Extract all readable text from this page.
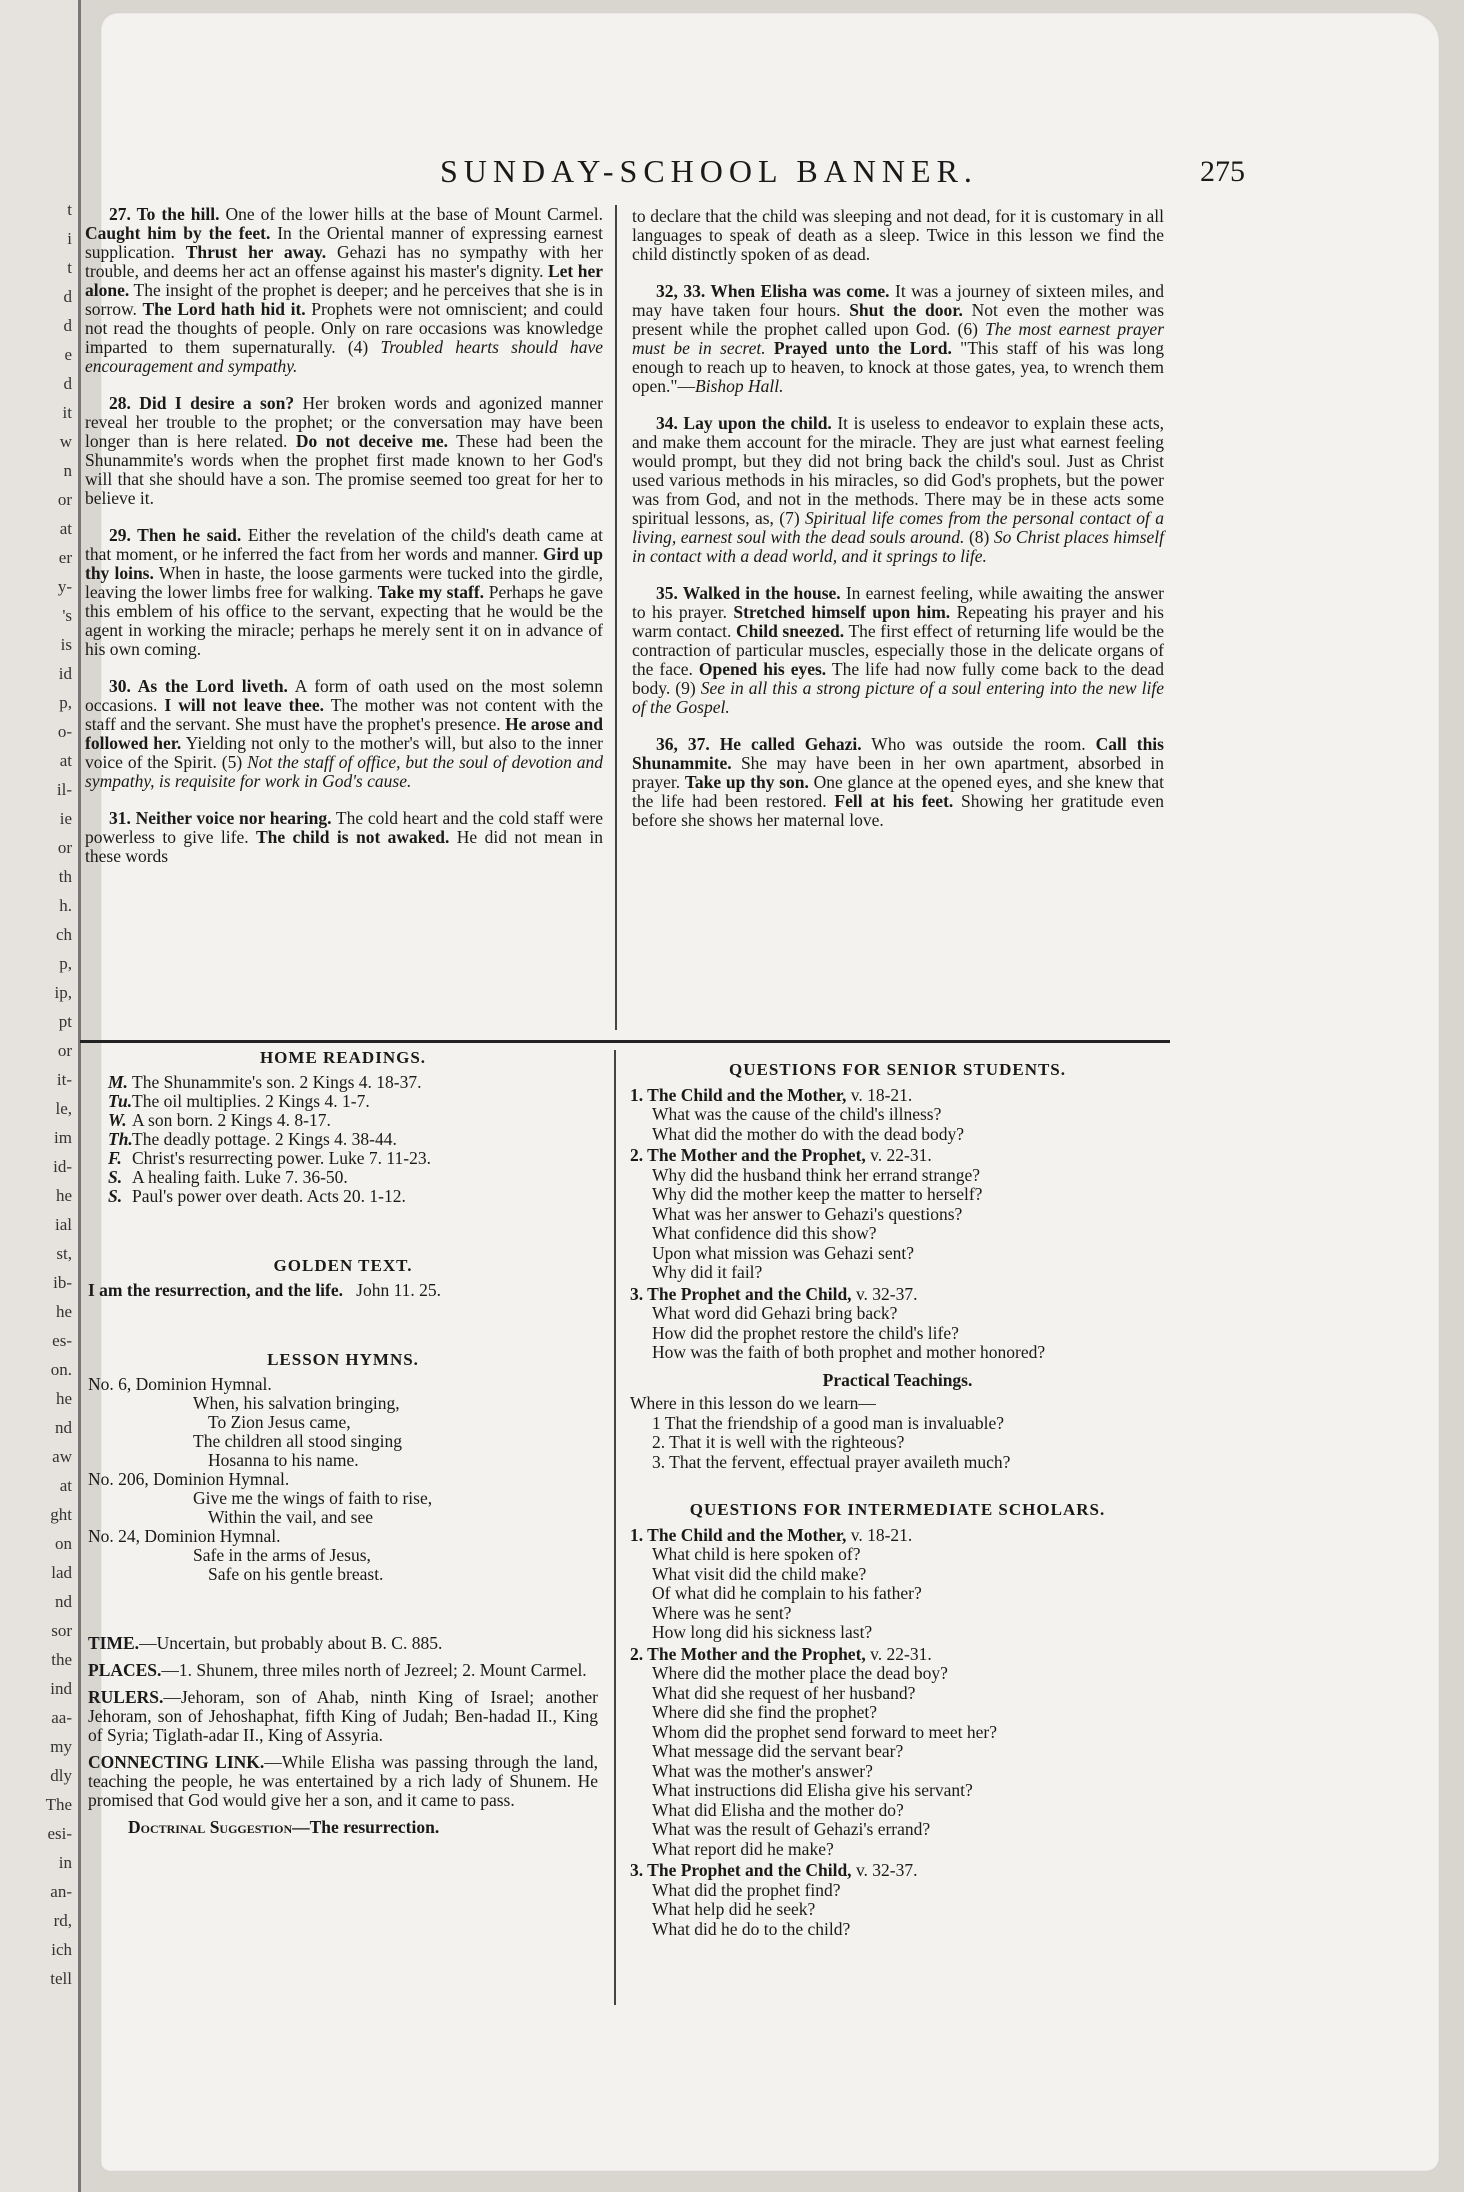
t
i
t
d
d
e
d
it
w
n
or
at
er
y-
's
is
id
p,
o-
at
il-
ie
or
th
h.
ch
p,
ip,
pt
or
it-
le,
im
id-
he
ial
st,
ib-
he
es-
on.
he
nd
aw
at
ght
on
lad
nd
sor
the
ind
aa-
my
dly
The
esi-
in
an-
rd,
ich
tell
SUNDAY-SCHOOL BANNER.	275

27. To the hill. One of the lower hills at the base of Mount Carmel. Caught him by the feet. In the Oriental manner of expressing earnest supplication. Thrust her away. Gehazi has no sympathy with her trouble, and deems her act an offense against his master's dignity. Let her alone. The insight of the prophet is deeper; and he perceives that she is in sorrow. The Lord hath hid it. Prophets were not omniscient; and could not read the thoughts of people. Only on rare occasions was knowledge imparted to them supernaturally. (4) Troubled hearts should have encouragement and sympathy.

28. Did I desire a son? Her broken words and agonized manner reveal her trouble to the prophet; or the conversation may have been longer than is here related. Do not deceive me. These had been the Shunammite's words when the prophet first made known to her God's will that she should have a son. The promise seemed too great for her to believe it.

29. Then he said. Either the revelation of the child's death came at that moment, or he inferred the fact from her words and manner. Gird up thy loins. When in haste, the loose garments were tucked into the girdle, leaving the lower limbs free for walking. Take my staff. Perhaps he gave this emblem of his office to the servant, expecting that he would be the agent in working the miracle; perhaps he merely sent it on in advance of his own coming.

30. As the Lord liveth. A form of oath used on the most solemn occasions. I will not leave thee. The mother was not content with the staff and the servant. She must have the prophet's presence. He arose and followed her. Yielding not only to the mother's will, but also to the inner voice of the Spirit. (5) Not the staff of office, but the soul of devotion and sympathy, is requisite for work in God's cause.

31. Neither voice nor hearing. The cold heart and the cold staff were powerless to give life. The child is not awaked. He did not mean in these words

to declare that the child was sleeping and not dead, for it is customary in all languages to speak of death as a sleep. Twice in this lesson we find the child distinctly spoken of as dead.

32, 33. When Elisha was come. It was a journey of sixteen miles, and may have taken four hours. Shut the door. Not even the mother was present while the prophet called upon God. (6) The most earnest prayer must be in secret. Prayed unto the Lord. "This staff of his was long enough to reach up to heaven, to knock at those gates, yea, to wrench them open."—Bishop Hall.

34. Lay upon the child. It is useless to endeavor to explain these acts, and make them account for the miracle. They are just what earnest feeling would prompt, but they did not bring back the child's soul. Just as Christ used various methods in his miracles, so did God's prophets, but the power was from God, and not in the methods. There may be in these acts some spiritual lessons, as, (7) Spiritual life comes from the personal contact of a living, earnest soul with the dead souls around. (8) So Christ places himself in contact with a dead world, and it springs to life.

35. Walked in the house. In earnest feeling, while awaiting the answer to his prayer. Stretched himself upon him. Repeating his prayer and his warm contact. Child sneezed. The first effect of returning life would be the contraction of particular muscles, especially those in the delicate organs of the face. Opened his eyes. The life had now fully come back to the dead body. (9) See in all this a strong picture of a soul entering into the new life of the Gospel.

36, 37. He called Gehazi. Who was outside the room. Call this Shunammite. She may have been in her own apartment, absorbed in prayer. Take up thy son. One glance at the opened eyes, and she knew that the life had been restored. Fell at his feet. Showing her gratitude even before she shows her maternal love.

HOME READINGS.
M. The Shunammite's son. 2 Kings 4. 18-37.
Tu.The oil multiplies. 2 Kings 4. 1-7.
W. A son born. 2 Kings 4. 8-17.
Th.The deadly pottage. 2 Kings 4. 38-44.
F. Christ's resurrecting power. Luke 7. 11-23.
S. A healing faith. Luke 7. 36-50.
S. Paul's power over death. Acts 20. 1-12.
GOLDEN TEXT.
I am the resurrection, and the life. John 11. 25.
LESSON HYMNS.
No. 6, Dominion Hymnal.
When, his salvation bringing,
To Zion Jesus came,
The children all stood singing
Hosanna to his name.
No. 206, Dominion Hymnal.
Give me the wings of faith to rise,
Within the vail, and see
No. 24, Dominion Hymnal.
Safe in the arms of Jesus,
Safe on his gentle breast.
TIME.—Uncertain, but probably about B. C. 885.
PLACES.—1. Shunem, three miles north of Jezreel; 2. Mount Carmel.
RULERS.—Jehoram, son of Ahab, ninth King of Israel; another Jehoram, son of Jehoshaphat, fifth King of Judah; Ben-hadad II., King of Syria; Tiglath-adar II., King of Assyria.
CONNECTING LINK.—While Elisha was passing through the land, teaching the people, he was entertained by a rich lady of Shunem. He promised that God would give her a son, and it came to pass.
Doctrinal Suggestion—The resurrection.
QUESTIONS FOR SENIOR STUDENTS.
1. The Child and the Mother, v. 18-21.
What was the cause of the child's illness?
What did the mother do with the dead body?
2. The Mother and the Prophet, v. 22-31.
Why did the husband think her errand strange?
Why did the mother keep the matter to herself?
What was her answer to Gehazi's questions?
What confidence did this show?
Upon what mission was Gehazi sent?
Why did it fail?
3. The Prophet and the Child, v. 32-37.
What word did Gehazi bring back?
How did the prophet restore the child's life?
How was the faith of both prophet and mother honored?
Practical Teachings.
Where in this lesson do we learn—
1 That the friendship of a good man is invaluable?
2. That it is well with the righteous?
3. That the fervent, effectual prayer availeth much?
QUESTIONS FOR INTERMEDIATE SCHOLARS.
1. The Child and the Mother, v. 18-21.
What child is here spoken of?
What visit did the child make?
Of what did he complain to his father?
Where was he sent?
How long did his sickness last?
2. The Mother and the Prophet, v. 22-31.
Where did the mother place the dead boy?
What did she request of her husband?
Where did she find the prophet?
Whom did the prophet send forward to meet her?
What message did the servant bear?
What was the mother's answer?
What instructions did Elisha give his servant?
What did Elisha and the mother do?
What was the result of Gehazi's errand?
What report did he make?
3. The Prophet and the Child, v. 32-37.
What did the prophet find?
What help did he seek?
What did he do to the child?
